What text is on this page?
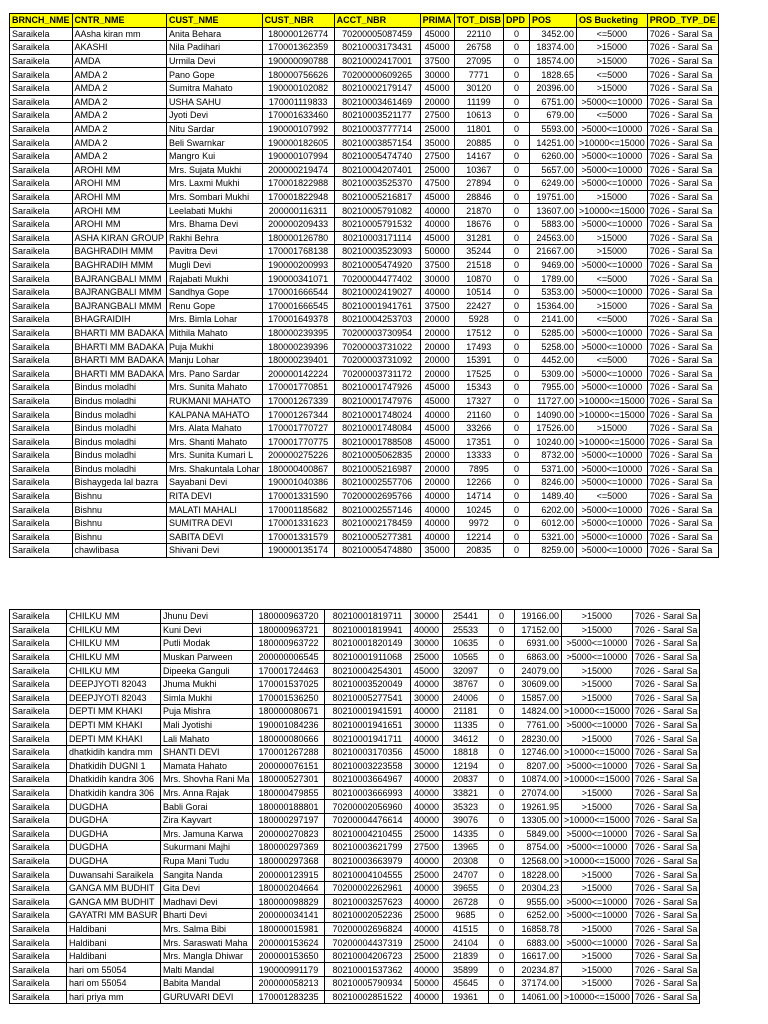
BRNCH_NME	CNTR_NME	CUST_NME	CUST_NBR	ACCT_NBR	PRIMA	TOT_DISB	DPD	POS	OS Bucketing	PROD_TYP_DE
Saraikela	AAsha kiran mm	Anita Behara	180000126774	70200005087459	45000	22110	0	3452.00	<=5000	7026 - Saral Sa
Saraikela	AKASHI	Nila Padihari	170001362359	80210003173431	45000	26758	0	18374.00	>15000	7026 - Saral Sa
Saraikela	AMDA	Urmila Devi	190000090788	80210002417001	37500	27095	0	18574.00	>15000	7026 - Saral Sa
Saraikela	AMDA 2	Pano Gope	180000756626	70200000609265	30000	7771	0	1828.65	<=5000	7026 - Saral Sa
Saraikela	AMDA 2	Sumitra Mahato	190000102082	80210002179147	45000	30120	0	20396.00	>15000	7026 - Saral Sa
Saraikela	AMDA 2	USHA SAHU	170001119833	80210003461469	20000	11199	0	6751.00	>5000<=10000	7026 - Saral Sa
Saraikela	AMDA 2	Jyoti Devi	170001633460	80210003521177	27500	10613	0	679.00	<=5000	7026 - Saral Sa
Saraikela	AMDA 2	Nitu Sardar	190000107992	80210003777714	25000	11801	0	5593.00	>5000<=10000	7026 - Saral Sa
Saraikela	AMDA 2	Beli Swarnkar	190000182605	80210003857154	35000	20885	0	14251.00	>10000<=15000	7026 - Saral Sa
Saraikela	AMDA 2	Mangro Kui	190000107994	80210005474740	27500	14167	0	6260.00	>5000<=10000	7026 - Saral Sa
Saraikela	AROHI MM	Mrs. Sujata Mukhi	200000219474	80210004207401	25000	10367	0	5657.00	>5000<=10000	7026 - Saral Sa
Saraikela	AROHI MM	Mrs. Laxmi Mukhi	170001822988	80210003525370	47500	27894	0	6249.00	>5000<=10000	7026 - Saral Sa
Saraikela	AROHI MM	Mrs. Sombari Mukhi	170001822948	80210005216817	45000	28846	0	19751.00	>15000	7026 - Saral Sa
Saraikela	AROHI MM	Leelabati Mukhi	200000116311	80210005791082	40000	21870	0	13607.00	>10000<=15000	7026 - Saral Sa
Saraikela	AROHI MM	Mrs. Bhama Devi	200000209433	80210005791532	40000	18676	0	5883.00	>5000<=10000	7026 - Saral Sa
Saraikela	ASHA KIRAN GROUP	Rakhi Behra	180000126780	80210003171114	45000	31281	0	24563.00	>15000	7026 - Saral Sa
Saraikela	BAGHRADIH MMM	Pavitra Devi	170001768138	80210003523093	50000	35244	0	21667.00	>15000	7026 - Saral Sa
Saraikela	BAGHRADIH MMM	Mugli Devi	190000200993	80210005474920	37500	21518	0	9469.00	>5000<=10000	7026 - Saral Sa
Saraikela	BAJRANGBALI MMM	Rajabati Mukhi	190000341071	70200004477402	30000	10870	0	1789.00	<=5000	7026 - Saral Sa
Saraikela	BAJRANGBALI MMM	Sandhya Gope	170001666544	80210002419027	40000	10514	0	5353.00	>5000<=10000	7026 - Saral Sa
Saraikela	BAJRANGBALI MMM	Renu Gope	170001666545	80210001941761	37500	22427	0	15364.00	>15000	7026 - Saral Sa
Saraikela	BHAGRAIDIH	Mrs. Bimla Lohar	170001649378	80210004253703	20000	5928	0	2141.00	<=5000	7026 - Saral Sa
Saraikela	BHARTI MM BADAKA	Mithila Mahato	180000239395	70200003730954	20000	17512	0	5285.00	>5000<=10000	7026 - Saral Sa
Saraikela	BHARTI MM BADAKA	Puja Mukhi	180000239396	70200003731022	20000	17493	0	5258.00	>5000<=10000	7026 - Saral Sa
Saraikela	BHARTI MM BADAKA	Manju Lohar	180000239401	70200003731092	20000	15391	0	4452.00	<=5000	7026 - Saral Sa
Saraikela	BHARTI MM BADAKA	Mrs. Pano Sardar	200000142224	70200003731172	20000	17525	0	5309.00	>5000<=10000	7026 - Saral Sa
Saraikela	Bindus moladhi	Mrs. Sunita Mahato	170001770851	80210001747926	45000	15343	0	7955.00	>5000<=10000	7026 - Saral Sa
Saraikela	Bindus moladhi	RUKMANI MAHATO	170001267339	80210001747976	45000	17327	0	11727.00	>10000<=15000	7026 - Saral Sa
Saraikela	Bindus moladhi	KALPANA MAHATO	170001267344	80210001748024	40000	21160	0	14090.00	>10000<=15000	7026 - Saral Sa
Saraikela	Bindus moladhi	Mrs. Alata Mahato	170001770727	80210001748084	45000	33266	0	17526.00	>15000	7026 - Saral Sa
Saraikela	Bindus moladhi	Mrs. Shanti Mahato	170001770775	80210001788508	45000	17351	0	10240.00	>10000<=15000	7026 - Saral Sa
Saraikela	Bindus moladhi	Mrs. Sunita Kumari L	200000275226	80210005062835	20000	13333	0	8732.00	>5000<=10000	7026 - Saral Sa
Saraikela	Bindus moladhi	Mrs. Shakuntala Lohar	180000400867	80210005216987	20000	7895	0	5371.00	>5000<=10000	7026 - Saral Sa
Saraikela	Bishaygeda lal bazra	Sayabani Devi	190001040386	80210002557706	20000	12266	0	8246.00	>5000<=10000	7026 - Saral Sa
Saraikela	Bishnu	RITA DEVI	170001331590	70200002695766	40000	14714	0	1489.40	<=5000	7026 - Saral Sa
Saraikela	Bishnu	MALATI MAHALI	170001185682	80210002557146	40000	10245	0	6202.00	>5000<=10000	7026 - Saral Sa
Saraikela	Bishnu	SUMITRA DEVI	170001331623	80210002178459	40000	9972	0	6012.00	>5000<=10000	7026 - Saral Sa
Saraikela	Bishnu	SABITA DEVI	170001331579	80210005277381	40000	12214	0	5321.00	>5000<=10000	7026 - Saral Sa
Saraikela	chawlibasa	Shivani Devi	190000135174	80210005474880	35000	20835	0	8259.00	>5000<=10000	7026 - Saral Sa
Saraikela	CHILKU MM	Jhunu Devi	180000963720	80210001819711	30000	25441	0	19166.00	>15000	7026 - Saral Sa
Saraikela	CHILKU MM	Kuni Devi	180000963721	80210001819941	40000	25533	0	17152.00	>15000	7026 - Saral Sa
Saraikela	CHILKU MM	Putli Modak	180000963722	80210001820149	30000	10635	0	6931.00	>5000<=10000	7026 - Saral Sa
Saraikela	CHILKU MM	Muskan Parween	200000006545	80210001911068	25000	10565	0	6863.00	>5000<=10000	7026 - Saral Sa
Saraikela	CHILKU MM	Dipeeka Ganguli	170001724463	80210004254301	45000	32097	0	24079.00	>15000	7026 - Saral Sa
Saraikela	DEEPJYOTI 82043	Jhuma Mukhi	170001537025	80210003520049	40000	38767	0	30609.00	>15000	7026 - Saral Sa
Saraikela	DEEPJYOTI 82043	Simla Mukhi	170001536250	80210005277541	30000	24006	0	15857.00	>15000	7026 - Saral Sa
Saraikela	DEPTI MM KHAKI	Puja Mishra	180000080671	80210001941591	40000	21181	0	14824.00	>10000<=15000	7026 - Saral Sa
Saraikela	DEPTI MM KHAKI	Mali Jyotishi	190001084236	80210001941651	30000	11335	0	7761.00	>5000<=10000	7026 - Saral Sa
Saraikela	DEPTI MM KHAKI	Lali Mahato	180000080666	80210001941711	40000	34612	0	28230.00	>15000	7026 - Saral Sa
Saraikela	dhatkidih kandra mm	SHANTI DEVI	170001267288	80210003170356	45000	18818	0	12746.00	>10000<=15000	7026 - Saral Sa
Saraikela	Dhatkidih DUGNI 1	Mamata Hahato	200000076151	80210003223558	30000	12194	0	8207.00	>5000<=10000	7026 - Saral Sa
Saraikela	Dhatkidih kandra 306	Mrs. Shovha Rani Ma	180000527301	80210003664967	40000	20837	0	10874.00	>10000<=15000	7026 - Saral Sa
Saraikela	Dhatkidih kandra 306	Mrs. Anna Rajak	180000479855	80210003666993	40000	33821	0	27074.00	>15000	7026 - Saral Sa
Saraikela	DUGDHA	Babli Gorai	180000188801	70200002056960	40000	35323	0	19261.95	>15000	7026 - Saral Sa
Saraikela	DUGDHA	Zira Kayvart	180000297197	70200004476614	40000	39076	0	13305.00	>10000<=15000	7026 - Saral Sa
Saraikela	DUGDHA	Mrs. Jamuna Karwa	200000270823	80210004210455	25000	14335	0	5849.00	>5000<=10000	7026 - Saral Sa
Saraikela	DUGDHA	Sukurmani Majhi	180000297369	80210003621799	27500	13965	0	8754.00	>5000<=10000	7026 - Saral Sa
Saraikela	DUGDHA	Rupa Mani Tudu	180000297368	80210003663979	40000	20308	0	12568.00	>10000<=15000	7026 - Saral Sa
Saraikela	Duwansahi Saraikela	Sangita Nanda	200000123915	80210004104555	25000	24707	0	18228.00	>15000	7026 - Saral Sa
Saraikela	GANGA MM BUDHIT	Gita Devi	180000204664	70200002262961	40000	39655	0	20304.23	>15000	7026 - Saral Sa
Saraikela	GANGA MM BUDHIT	Madhavi Devi	180000098829	80210003257623	40000	26728	0	9555.00	>5000<=10000	7026 - Saral Sa
Saraikela	GAYATRI MM BASUR	Bharti Devi	200000034141	80210002052236	25000	9685	0	6252.00	>5000<=10000	7026 - Saral Sa
Saraikela	Haldibani	Mrs. Salma Bibi	180000015981	70200002696824	40000	41515	0	16858.78	>15000	7026 - Saral Sa
Saraikela	Haldibani	Mrs. Saraswati Maha	200000153624	70200004437319	25000	24104	0	6883.00	>5000<=10000	7026 - Saral Sa
Saraikela	Haldibani	Mrs. Mangla Dhiwar	200000153650	80210004206723	25000	21839	0	16617.00	>15000	7026 - Saral Sa
Saraikela	hari om 55054	Malti Mandal	190000991179	80210001537362	40000	35899	0	20234.87	>15000	7026 - Saral Sa
Saraikela	hari om 55054	Babita Mandal	200000058213	80210005790934	50000	45645	0	37174.00	>15000	7026 - Saral Sa
Saraikela	hari priya mm	GURUVARI DEVI	170001283235	80210002851522	40000	19361	0	14061.00	>10000<=15000	7026 - Saral Sa
